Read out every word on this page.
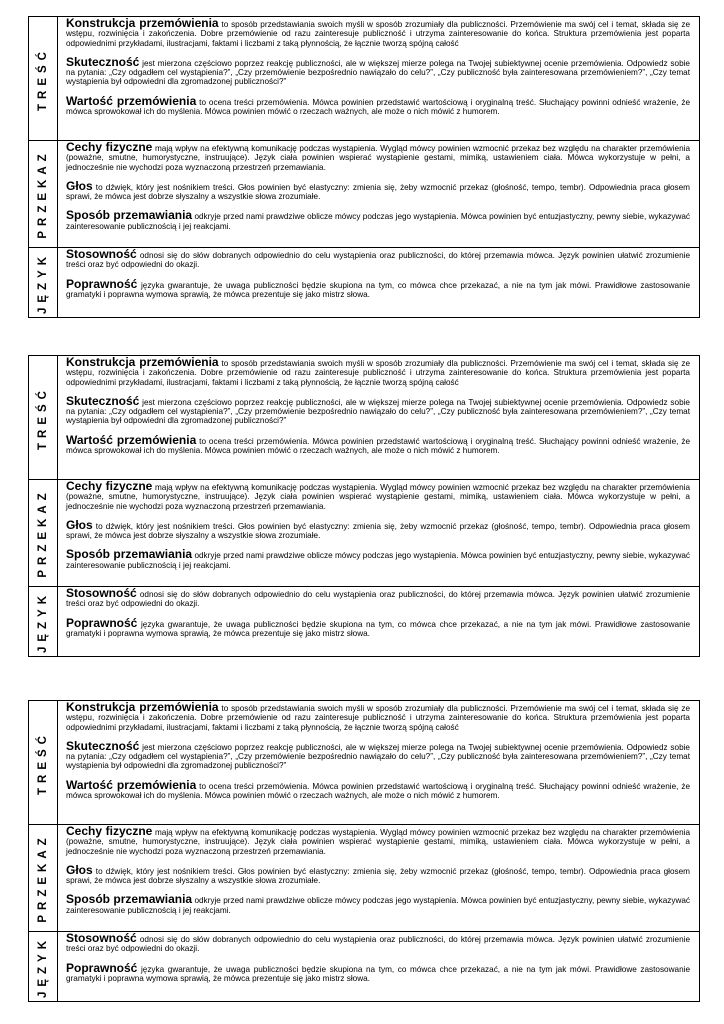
TREŚĆ

Konstrukcja przemówienia to sposób przedstawiania swoich myśli w sposób zrozumiały dla publiczności. Przemówienie ma swój cel i temat, składa się ze wstępu, rozwinięcia i zakończenia. Dobre przemówienie od razu zainteresuje publiczność i utrzyma zainteresowanie do końca. Struktura przemówienia jest poparta odpowiednimi przykładami, ilustracjami, faktami i liczbami z taką płynnością, że łącznie tworzą spójną całość

Skuteczność jest mierzona częściowo poprzez reakcję publiczności, ale w większej mierze polega na Twojej subiektywnej ocenie przemówienia. Odpowiedz sobie na pytania: „Czy odgadłem cel wystąpienia?”, „Czy przemówienie bezpośrednio nawiązało do celu?”, „Czy publiczność była zainteresowana przemówieniem?”, „Czy temat wystąpienia był odpowiedni dla zgromadzonej publiczności?”

Wartość przemówienia to ocena treści przemówienia. Mówca powinien przedstawić wartościową i oryginalną treść. Słuchający powinni odnieść wrażenie, że mówca sprowokował ich do myślenia. Mówca powinien mówić o rzeczach ważnych, ale może o nich mówić z humorem.

PRZEKAZ

Cechy fizyczne mają wpływ na efektywną komunikację podczas wystąpienia. Wygląd mówcy powinien wzmocnić przekaz bez względu na charakter przemówienia (poważne, smutne, humorystyczne, instruujące). Język ciała powinien wspierać wystąpienie gestami, mimiką, ustawieniem ciała. Mówca wykorzystuje w pełni, a jednocześnie nie wychodzi poza wyznaczoną przestrzeń przemawiania.

Głos to dźwięk, który jest nośnikiem treści. Głos powinien być elastyczny: zmienia się, żeby wzmocnić przekaz (głośność, tempo, tembr). Odpowiednia praca głosem sprawi, że mówca jest dobrze słyszalny a wszystkie słowa zrozumiałe.

Sposób przemawiania odkryje przed nami prawdziwe oblicze mówcy podczas jego wystąpienia. Mówca powinien być entuzjastyczny, pewny siebie, wykazywać zainteresowanie publicznością i jej reakcjami.

JĘZYK Stosowność odnosi się do słów dobranych odpowiednio do celu wystąpienia oraz publiczności, do której przemawia mówca. Język powinien ułatwić zrozumienie treści oraz być odpowiedni do okazji.

Poprawność języka gwarantuje, że uwaga publiczności będzie skupiona na tym, co mówca chce przekazać, a nie na tym jak mówi. Prawidłowe zastosowanie gramatyki i poprawna wymowa sprawią, że mówca prezentuje się jako mistrz słowa.

TREŚĆ

Konstrukcja przemówienia to sposób przedstawiania swoich myśli w sposób zrozumiały dla publiczności. Przemówienie ma swój cel i temat, składa się ze wstępu, rozwinięcia i zakończenia. Dobre przemówienie od razu zainteresuje publiczność i utrzyma zainteresowanie do końca. Struktura przemówienia jest poparta odpowiednimi przykładami, ilustracjami, faktami i liczbami z taką płynnością, że łącznie tworzą spójną całość

Skuteczność jest mierzona częściowo poprzez reakcję publiczności, ale w większej mierze polega na Twojej subiektywnej ocenie przemówienia. Odpowiedz sobie na pytania: „Czy odgadłem cel wystąpienia?”, „Czy przemówienie bezpośrednio nawiązało do celu?”, „Czy publiczność była zainteresowana przemówieniem?”, „Czy temat wystąpienia był odpowiedni dla zgromadzonej publiczności?”

Wartość przemówienia to ocena treści przemówienia. Mówca powinien przedstawić wartościową i oryginalną treść. Słuchający powinni odnieść wrażenie, że mówca sprowokował ich do myślenia. Mówca powinien mówić o rzeczach ważnych, ale może o nich mówić z humorem.

PRZEKAZ

Cechy fizyczne mają wpływ na efektywną komunikację podczas wystąpienia. Wygląd mówcy powinien wzmocnić przekaz bez względu na charakter przemówienia (poważne, smutne, humorystyczne, instruujące). Język ciała powinien wspierać wystąpienie gestami, mimiką, ustawieniem ciała. Mówca wykorzystuje w pełni, a jednocześnie nie wychodzi poza wyznaczoną przestrzeń przemawiania.

Głos to dźwięk, który jest nośnikiem treści. Głos powinien być elastyczny: zmienia się, żeby wzmocnić przekaz (głośność, tempo, tembr). Odpowiednia praca głosem sprawi, że mówca jest dobrze słyszalny a wszystkie słowa zrozumiałe.

Sposób przemawiania odkryje przed nami prawdziwe oblicze mówcy podczas jego wystąpienia. Mówca powinien być entuzjastyczny, pewny siebie, wykazywać zainteresowanie publicznością i jej reakcjami.

JĘZYK Stosowność odnosi się do słów dobranych odpowiednio do celu wystąpienia oraz publiczności, do której przemawia mówca. Język powinien ułatwić zrozumienie treści oraz być odpowiedni do okazji.

Poprawność języka gwarantuje, że uwaga publiczności będzie skupiona na tym, co mówca chce przekazać, a nie na tym jak mówi. Prawidłowe zastosowanie gramatyki i poprawna wymowa sprawią, że mówca prezentuje się jako mistrz słowa.

TREŚĆ

Konstrukcja przemówienia to sposób przedstawiania swoich myśli w sposób zrozumiały dla publiczności. Przemówienie ma swój cel i temat, składa się ze wstępu, rozwinięcia i zakończenia. Dobre przemówienie od razu zainteresuje publiczność i utrzyma zainteresowanie do końca. Struktura przemówienia jest poparta odpowiednimi przykładami, ilustracjami, faktami i liczbami z taką płynnością, że łącznie tworzą spójną całość

Skuteczność jest mierzona częściowo poprzez reakcję publiczności, ale w większej mierze polega na Twojej subiektywnej ocenie przemówienia. Odpowiedz sobie na pytania: „Czy odgadłem cel wystąpienia?”, „Czy przemówienie bezpośrednio nawiązało do celu?”, „Czy publiczność była zainteresowana przemówieniem?”, „Czy temat wystąpienia był odpowiedni dla zgromadzonej publiczności?”

Wartość przemówienia to ocena treści przemówienia. Mówca powinien przedstawić wartościową i oryginalną treść. Słuchający powinni odnieść wrażenie, że mówca sprowokował ich do myślenia. Mówca powinien mówić o rzeczach ważnych, ale może o nich mówić z humorem.

PRZEKAZ

Cechy fizyczne mają wpływ na efektywną komunikację podczas wystąpienia. Wygląd mówcy powinien wzmocnić przekaz bez względu na charakter przemówienia (poważne, smutne, humorystyczne, instruujące). Język ciała powinien wspierać wystąpienie gestami, mimiką, ustawieniem ciała. Mówca wykorzystuje w pełni, a jednocześnie nie wychodzi poza wyznaczoną przestrzeń przemawiania.

Głos to dźwięk, który jest nośnikiem treści. Głos powinien być elastyczny: zmienia się, żeby wzmocnić przekaz (głośność, tempo, tembr). Odpowiednia praca głosem sprawi, że mówca jest dobrze słyszalny a wszystkie słowa zrozumiałe.

Sposób przemawiania odkryje przed nami prawdziwe oblicze mówcy podczas jego wystąpienia. Mówca powinien być entuzjastyczny, pewny siebie, wykazywać zainteresowanie publicznością i jej reakcjami.

JĘZYK Stosowność odnosi się do słów dobranych odpowiednio do celu wystąpienia oraz publiczności, do której przemawia mówca. Język powinien ułatwić zrozumienie treści oraz być odpowiedni do okazji.

Poprawność języka gwarantuje, że uwaga publiczności będzie skupiona na tym, co mówca chce przekazać, a nie na tym jak mówi. Prawidłowe zastosowanie gramatyki i poprawna wymowa sprawią, że mówca prezentuje się jako mistrz słowa.
